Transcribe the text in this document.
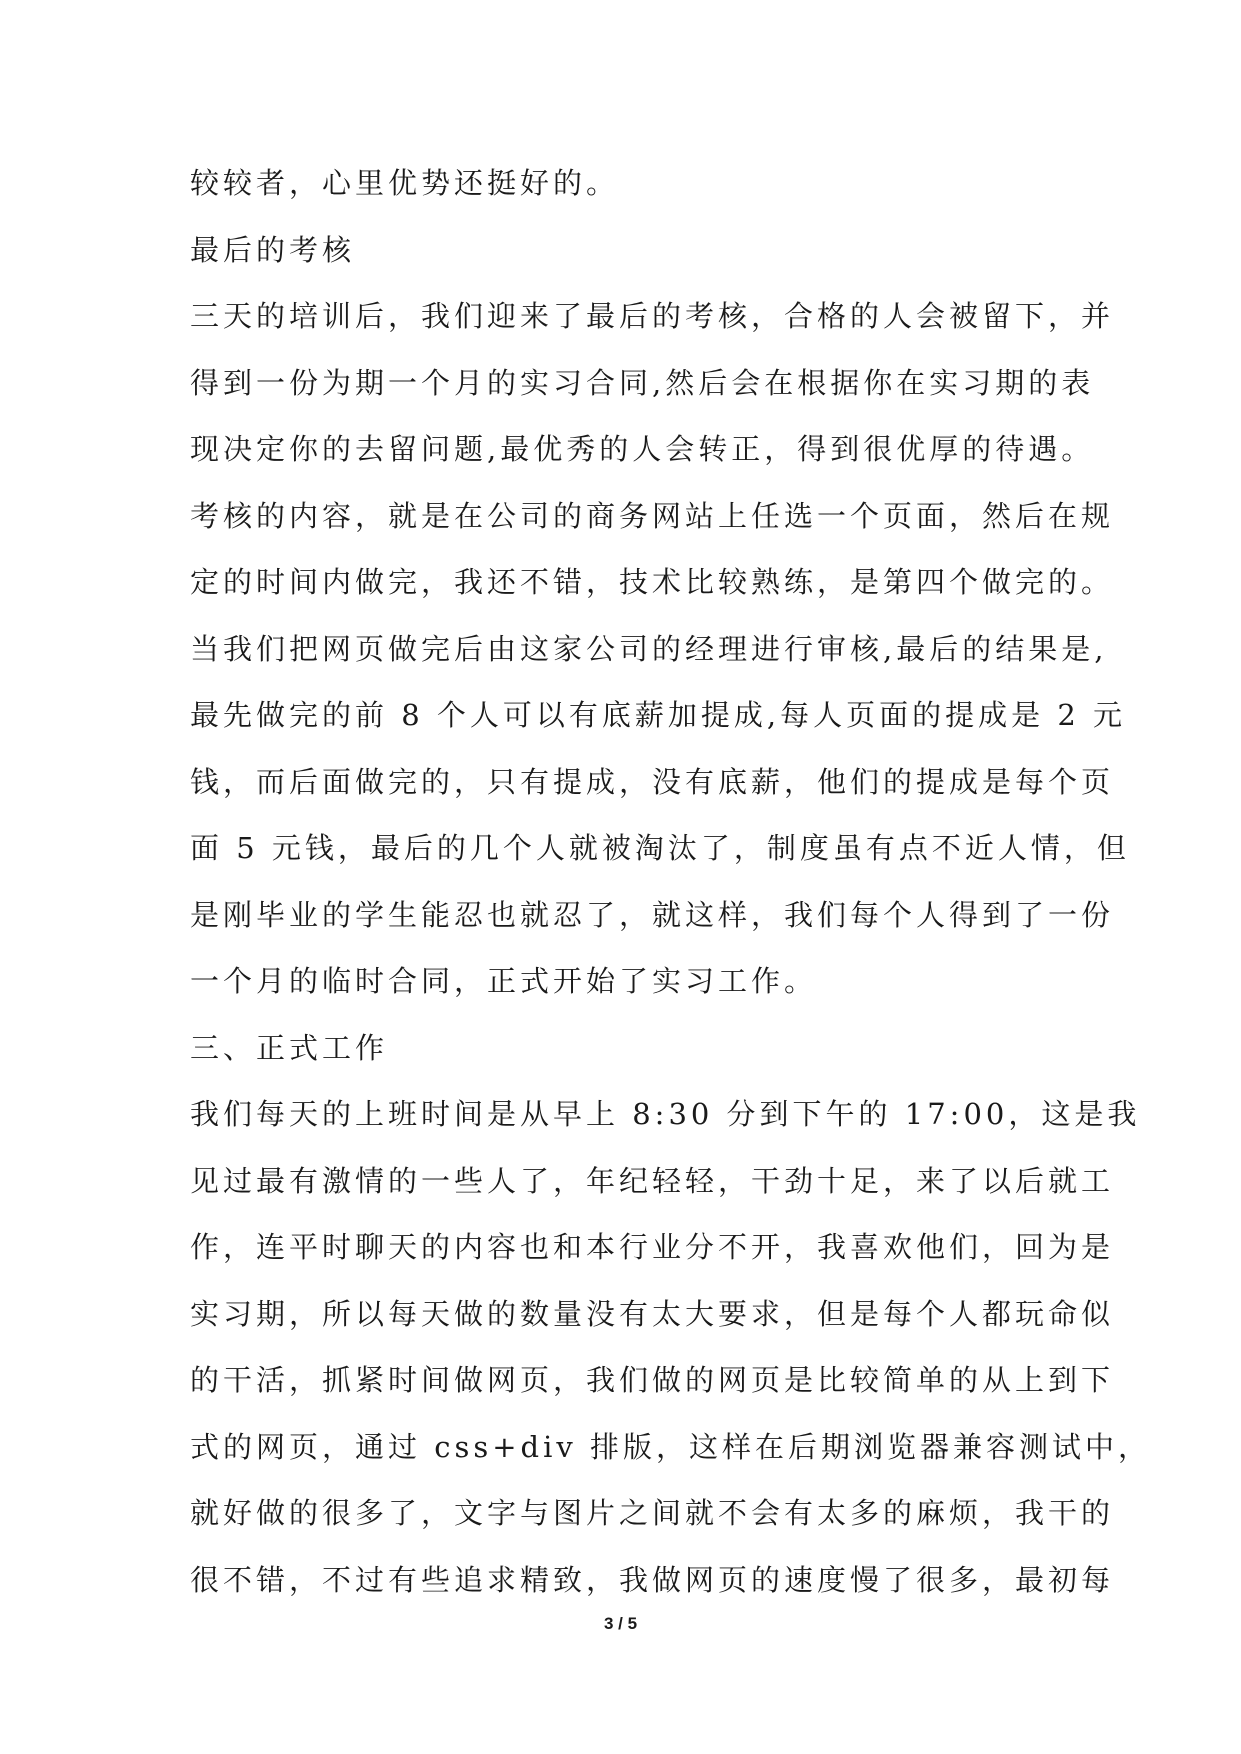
较较者，心里优势还挺好的。
最后的考核
三天的培训后，我们迎来了最后的考核，合格的人会被留下，并
得到一份为期一个月的实习合同,然后会在根据你在实习期的表
现决定你的去留问题,最优秀的人会转正，得到很优厚的待遇。
考核的内容，就是在公司的商务网站上任选一个页面，然后在规
定的时间内做完，我还不错，技术比较熟练，是第四个做完的。
当我们把网页做完后由这家公司的经理进行审核,最后的结果是,
最先做完的前 8 个人可以有底薪加提成,每人页面的提成是 2 元
钱，而后面做完的，只有提成，没有底薪，他们的提成是每个页
面 5 元钱，最后的几个人就被淘汰了，制度虽有点不近人情，但
是刚毕业的学生能忍也就忍了，就这样，我们每个人得到了一份
一个月的临时合同，正式开始了实习工作。
三、正式工作
我们每天的上班时间是从早上 8:30 分到下午的 17:00，这是我
见过最有激情的一些人了，年纪轻轻，干劲十足，来了以后就工
作，连平时聊天的内容也和本行业分不开，我喜欢他们，回为是
实习期，所以每天做的数量没有太大要求，但是每个人都玩命似
的干活，抓紧时间做网页，我们做的网页是比较简单的从上到下
式的网页，通过 css+div 排版，这样在后期浏览器兼容测试中，
就好做的很多了，文字与图片之间就不会有太多的麻烦，我干的
很不错，不过有些追求精致，我做网页的速度慢了很多，最初每
3 / 5
